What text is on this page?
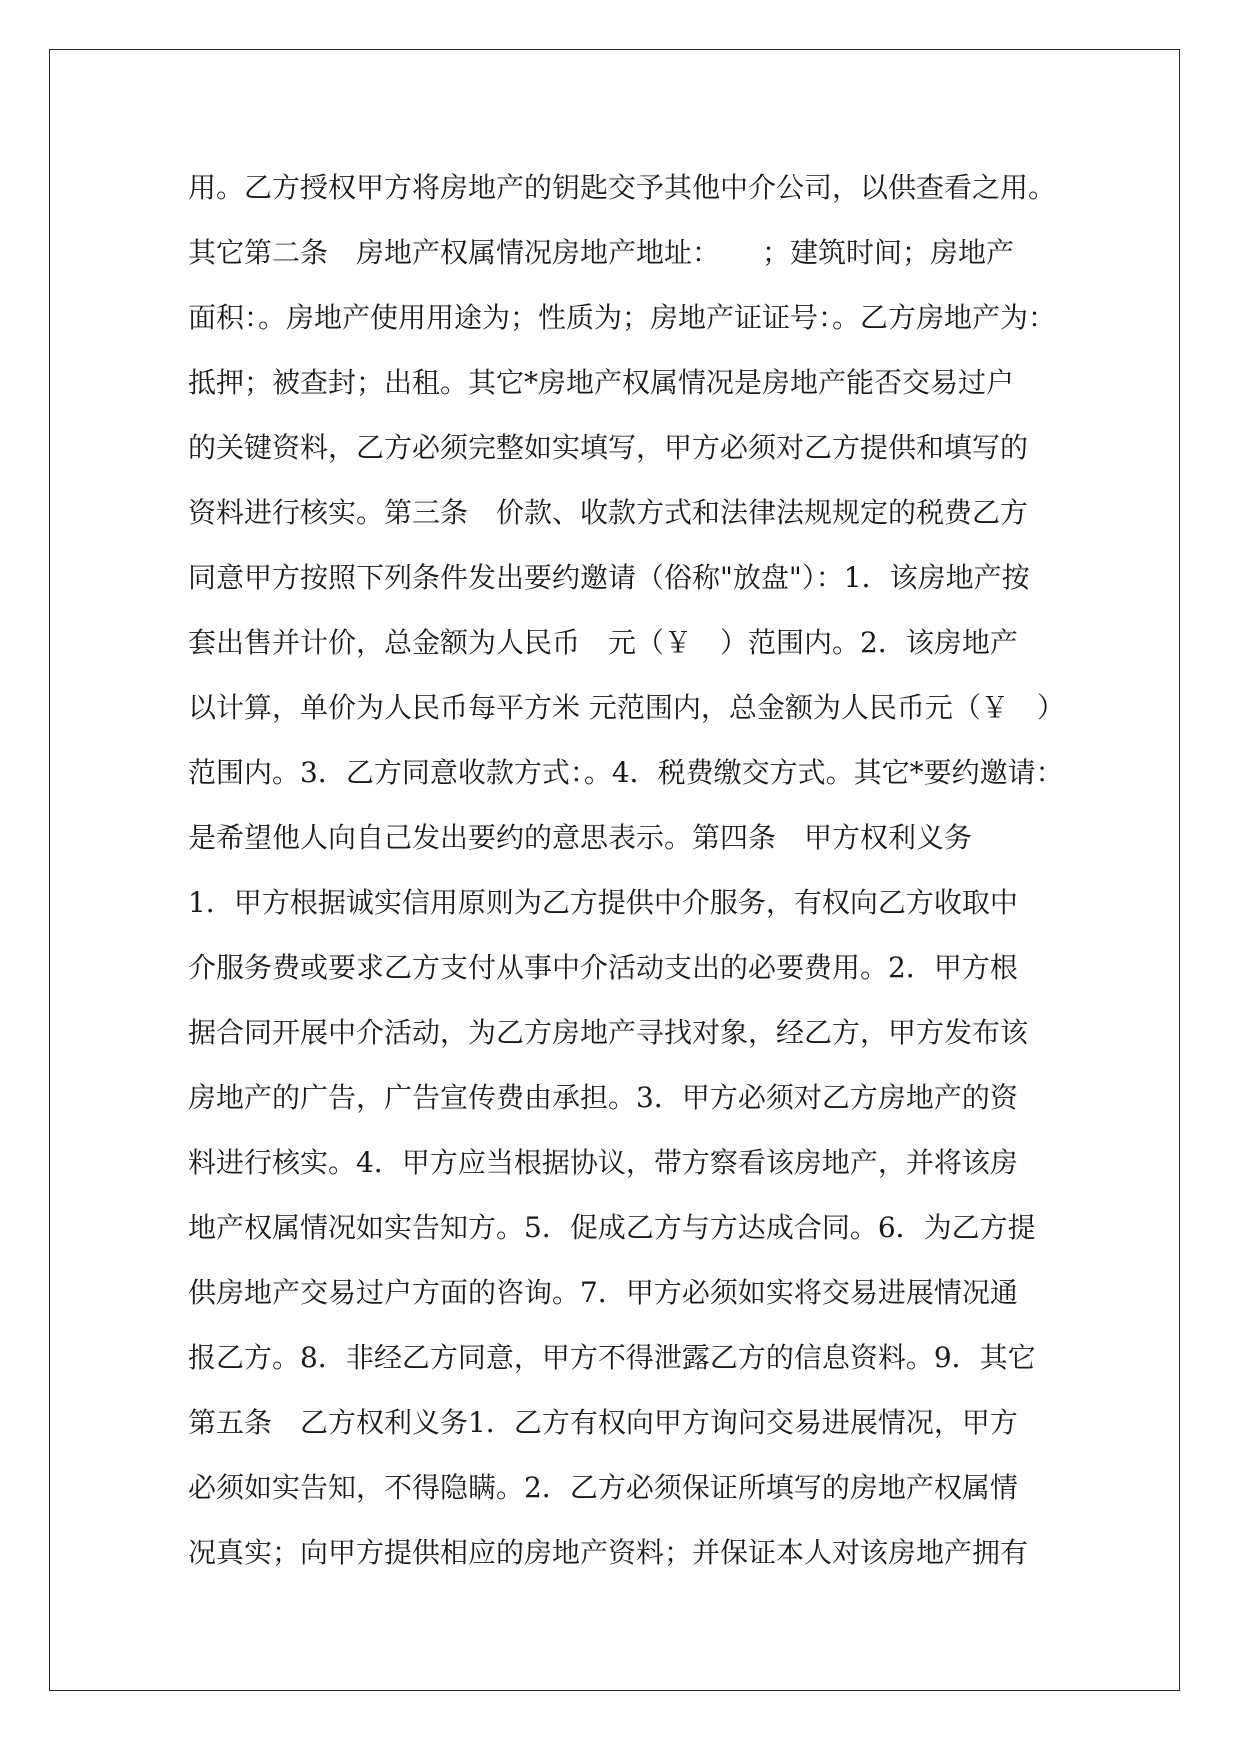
用。乙方授权甲方将房地产的钥匙交予其他中介公司，以供查看之用。
其它第二条　房地产权属情况房地产地址：　　；建筑时间；房地产
面积：。房地产使用用途为；性质为；房地产证证号：。乙方房地产为：
抵押；被查封；出租。其它*房地产权属情况是房地产能否交易过户
的关键资料，乙方必须完整如实填写，甲方必须对乙方提供和填写的
资料进行核实。第三条　价款、收款方式和法律法规规定的税费乙方
同意甲方按照下列条件发出要约邀请（俗称"放盘"）：1．该房地产按
套出售并计价，总金额为人民币　元（￥　）范围内。2．该房地产
以计算，单价为人民币每平方米 元范围内，总金额为人民币元（￥　）
范围内。3．乙方同意收款方式：。4．税费缴交方式。其它*要约邀请：
是希望他人向自己发出要约的意思表示。第四条　甲方权利义务
1．甲方根据诚实信用原则为乙方提供中介服务，有权向乙方收取中
介服务费或要求乙方支付从事中介活动支出的必要费用。2．甲方根
据合同开展中介活动，为乙方房地产寻找对象，经乙方，甲方发布该
房地产的广告，广告宣传费由承担。3．甲方必须对乙方房地产的资
料进行核实。4．甲方应当根据协议，带方察看该房地产，并将该房
地产权属情况如实告知方。5．促成乙方与方达成合同。6．为乙方提
供房地产交易过户方面的咨询。7．甲方必须如实将交易进展情况通
报乙方。8．非经乙方同意，甲方不得泄露乙方的信息资料。9．其它
第五条　乙方权利义务1．乙方有权向甲方询问交易进展情况，甲方
必须如实告知，不得隐瞒。2．乙方必须保证所填写的房地产权属情
况真实；向甲方提供相应的房地产资料；并保证本人对该房地产拥有
